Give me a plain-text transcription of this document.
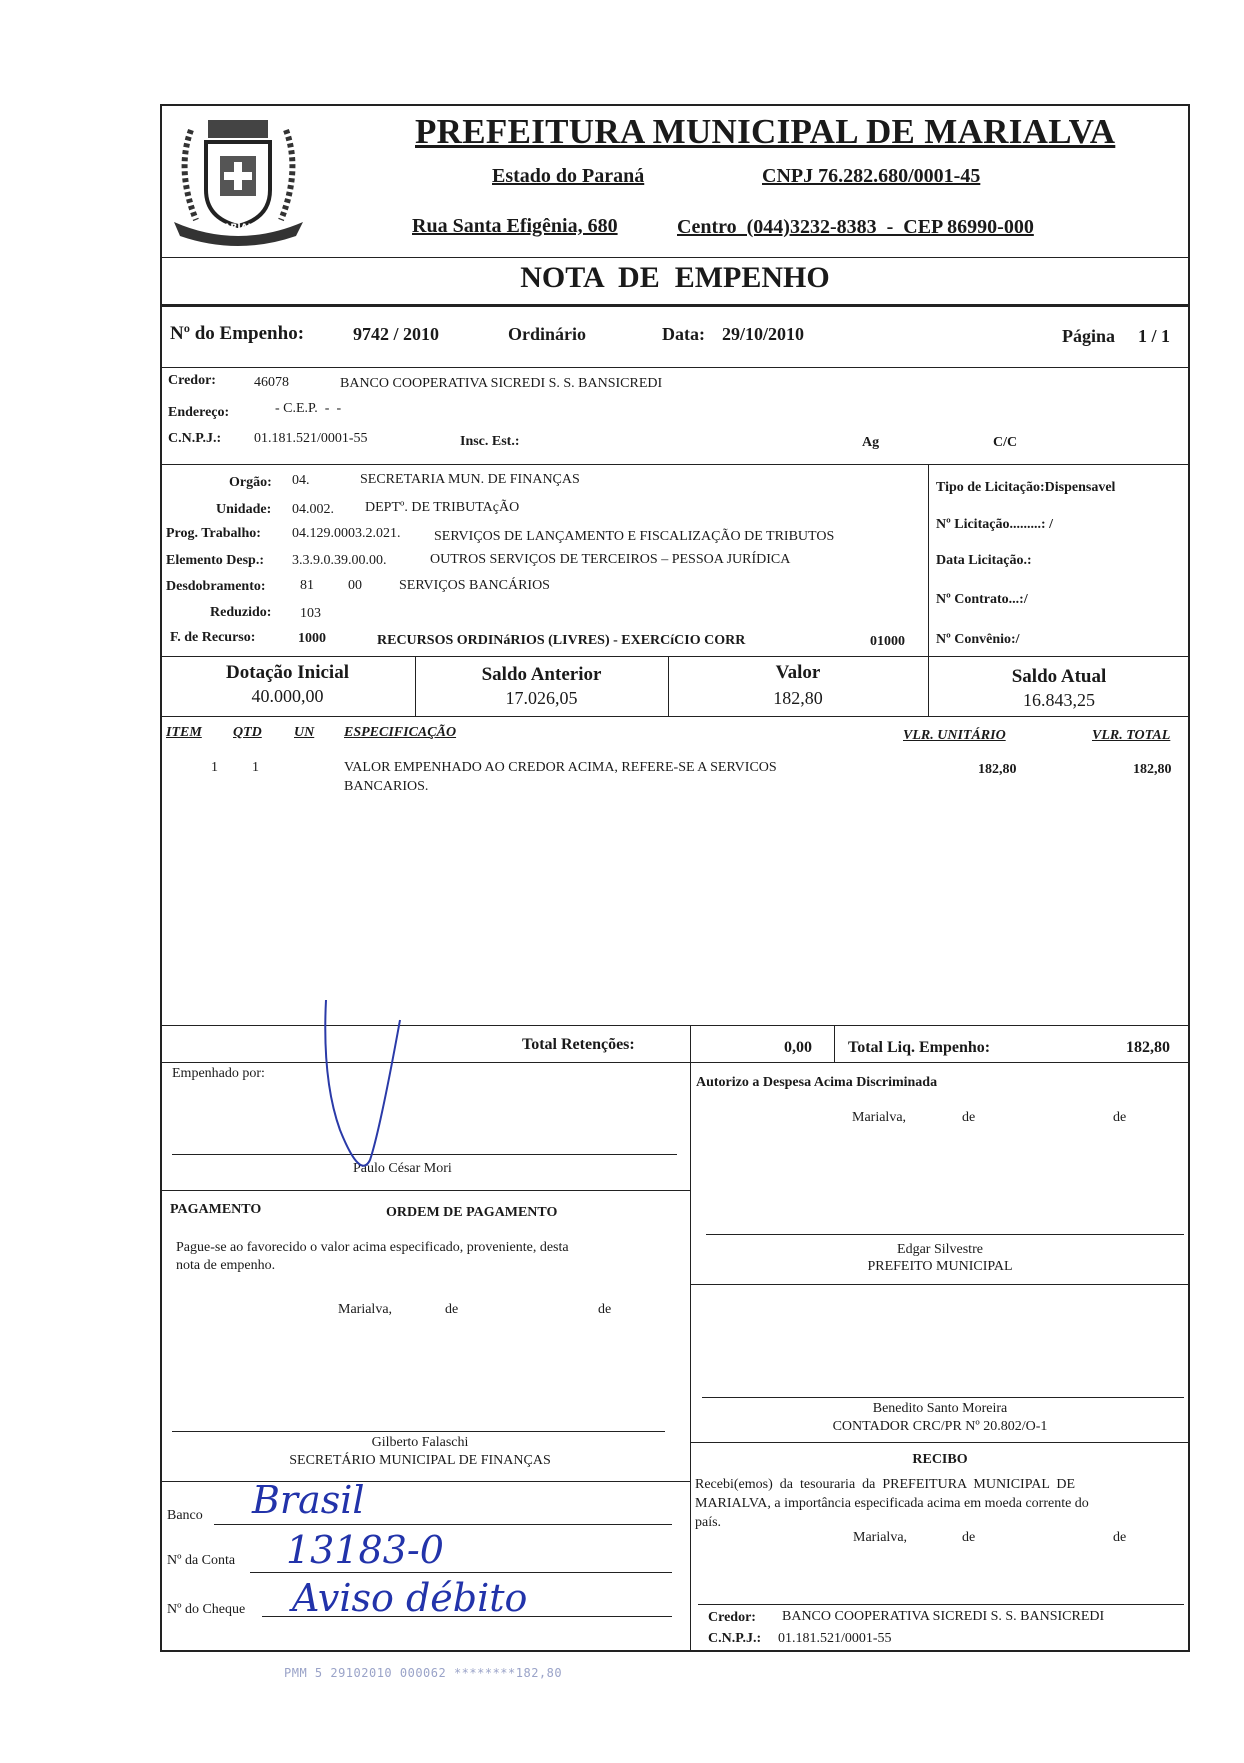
MARIALVA
PREFEITURA MUNICIPAL DE MARIALVA
Estado do Paraná	CNPJ 76.282.680/0001-45
Rua Santa Efigênia, 680	Centro  (044)3232-8383  -  CEP 86990-000
NOTA  DE  EMPENHO
Nº do Empenho:	9742 / 2010	Ordinário	Data: 29/10/2010	Página 1 / 1
Credor:	46078	BANCO COOPERATIVA SICREDI S. S. BANSICREDI
Endereço:	- C.E.P.  -  -
C.N.P.J.: 01.181.521/0001-55	Insc. Est.:	Ag	C/C
Orgão: 04.	SECRETARIA MUN. DE FINANÇAS
Unidade: 04.002. DEPTº. DE TRIBUTAçÃO
Prog. Trabalho: 04.129.0003.2.021. SERVIÇOS DE LANÇAMENTO E FISCALIZAÇÃO DE TRIBUTOS
Elemento Desp.: 3.3.9.0.39.00.00.	OUTROS SERVIÇOS DE TERCEIROS – PESSOA JURÍDICA
Desdobramento: 81 00	SERVIÇOS BANCÁRIOS
Reduzido: 103
F. de Recurso:	1000	RECURSOS ORDINáRIOS (LIVRES) - EXERCíCIO CORR	01000
Tipo de Licitação:Dispensavel
Nº Licitação.........: /
Data Licitação.:
Nº Contrato...:/
Nº Convênio:/
Dotação Inicial
40.000,00
Saldo Anterior
17.026,05
Valor
182,80
Saldo Atual
16.843,25
ITEM QTD UN ESPECIFICAÇÃO	VLR. UNITÁRIO	VLR. TOTAL
1 1	VALOR EMPENHADO AO CREDOR ACIMA, REFERE-SE A SERVICOS
BANCARIOS.
182,80	182,80
Total Retenções:	0,00 Total Liq. Empenho:	182,80
Empenhado por:
Paulo César Mori
Autorizo a Despesa Acima Discriminada
Marialva,	de	de
Edgar Silvestre
PREFEITO MUNICIPAL
Benedito Santo Moreira
CONTADOR CRC/PR Nº 20.802/O-1
PAGAMENTO	ORDEM DE PAGAMENTO
Pague-se ao favorecido o valor acima especificado, proveniente, desta
nota de empenho.
Marialva,	de	de
Gilberto Falaschi
SECRETÁRIO MUNICIPAL DE FINANÇAS
Banco Brasil
Nº da Conta 13183-0
Nº do Cheque Aviso débito
RECIBO
Recebi(emos)  da  tesouraria  da  PREFEITURA  MUNICIPAL  DE
MARIALVA, a importância especificada acima em moeda corrente do
país.
Marialva,	de	de
Credor: BANCO COOPERATIVA SICREDI S. S. BANSICREDI
C.N.P.J.: 01.181.521/0001-55
PMM 5 29102010 000062 ********182,80
